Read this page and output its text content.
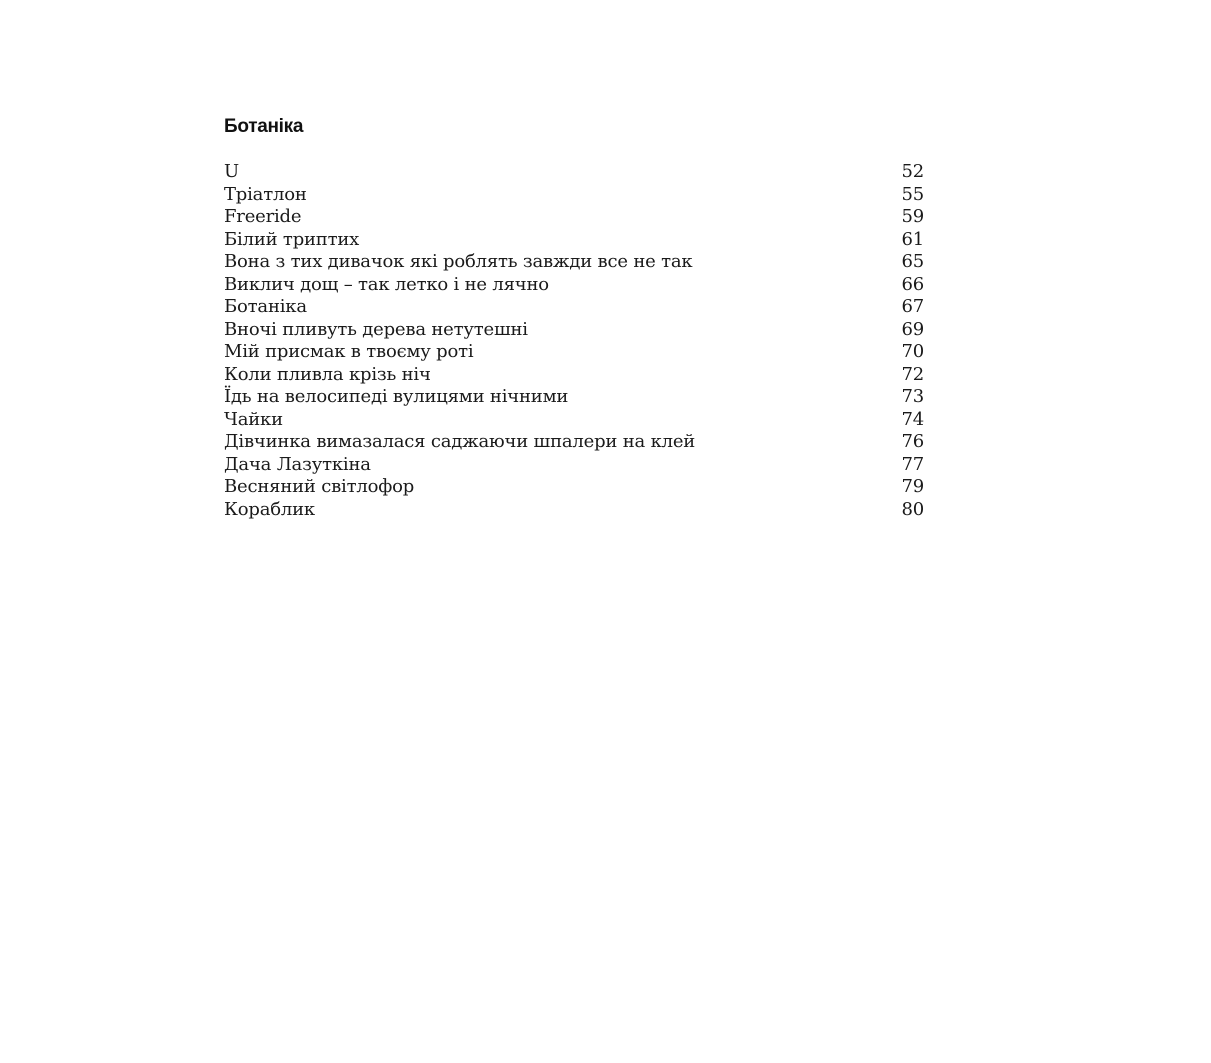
Ботаніка
U	52
Тріатлон	55
Freeride	59
Білий триптих	61
Вона з тих дивачок які роблять завжди все не так	65
Виклич дощ – так летко і не лячно	66
Ботаніка	67
Вночі пливуть дерева нетутешні	69
Мій присмак в твоєму роті	70
Коли пливла крізь ніч	72
Їдь на велосипеді вулицями нічними	73
Чайки	74
Дівчинка вимазалася саджаючи шпалери на клей	76
Дача Лазуткіна	77
Весняний світлофор	79
Кораблик	80
